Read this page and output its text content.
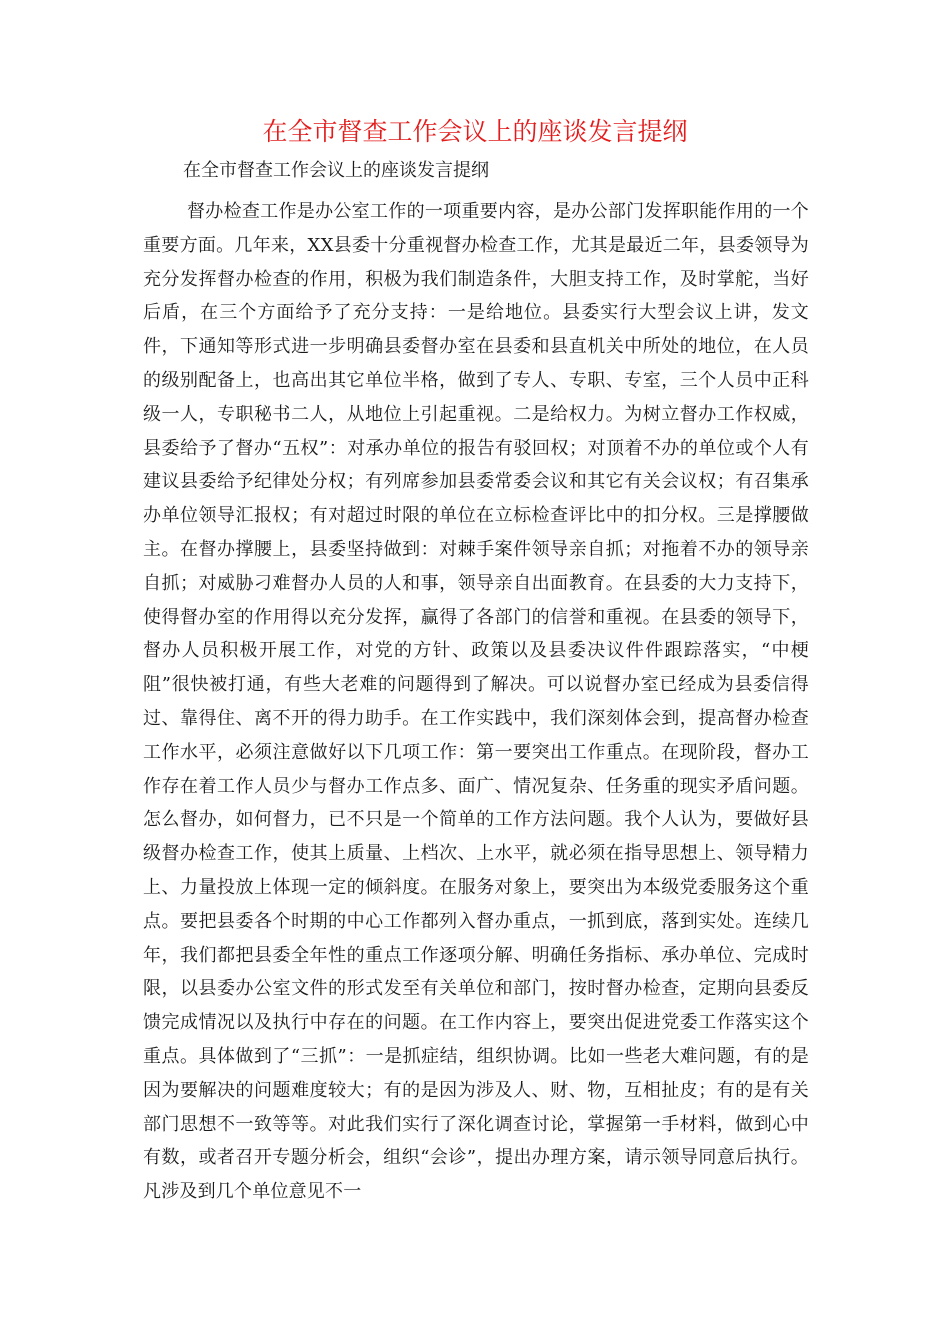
在全市督查工作会议上的座谈发言提纲

在全市督查工作会议上的座谈发言提纲

督办检查工作是办公室工作的一项重要内容，是办公部门发挥职能作用的一个重要方面。几年来，XX县委十分重视督办检查工作，尤其是最近二年，县委领导为充分发挥督办检查的作用，积极为我们制造条件，大胆支持工作，及时掌舵，当好后盾，在三个方面给予了充分支持：一是给地位。县委实行大型会议上讲，发文件，下通知等形式进一步明确县委督办室在县委和县直机关中所处的地位，在人员的级别配备上，也高出其它单位半格，做到了专人、专职、专室，三个人员中正科级一人，专职秘书二人，从地位上引起重视。二是给权力。为树立督办工作权威，县委给予了督办“五权”：对承办单位的报告有驳回权；对顶着不办的单位或个人有建议县委给予纪律处分权；有列席参加县委常委会议和其它有关会议权；有召集承办单位领导汇报权；有对超过时限的单位在立标检查评比中的扣分权。三是撑腰做主。在督办撑腰上，县委坚持做到：对棘手案件领导亲自抓；对拖着不办的领导亲自抓；对威胁刁难督办人员的人和事，领导亲自出面教育。在县委的大力支持下，使得督办室的作用得以充分发挥，赢得了各部门的信誉和重视。在县委的领导下，督办人员积极开展工作，对党的方针、政策以及县委决议件件跟踪落实，“中梗阻”很快被打通，有些大老难的问题得到了解决。可以说督办室已经成为县委信得过、靠得住、离不开的得力助手。在工作实践中，我们深刻体会到，提高督办检查工作水平，必须注意做好以下几项工作：第一要突出工作重点。在现阶段，督办工作存在着工作人员少与督办工作点多、面广、情况复杂、任务重的现实矛盾问题。怎么督办，如何督力，已不只是一个简单的工作方法问题。我个人认为，要做好县级督办检查工作，使其上质量、上档次、上水平，就必须在指导思想上、领导精力上、力量投放上体现一定的倾斜度。在服务对象上，要突出为本级党委服务这个重点。要把县委各个时期的中心工作都列入督办重点，一抓到底，落到实处。连续几年，我们都把县委全年性的重点工作逐项分解、明确任务指标、承办单位、完成时限，以县委办公室文件的形式发至有关单位和部门，按时督办检查，定期向县委反馈完成情况以及执行中存在的问题。在工作内容上，要突出促进党委工作落实这个重点。具体做到了“三抓”：一是抓症结，组织协调。比如一些老大难问题，有的是因为要解决的问题难度较大；有的是因为涉及人、财、物，互相扯皮；有的是有关部门思想不一致等等。对此我们实行了深化调查讨论，掌握第一手材料，做到心中有数，或者召开专题分析会，组织“会诊”，提出办理方案，请示领导同意后执行。凡涉及到几个单位意见不一
